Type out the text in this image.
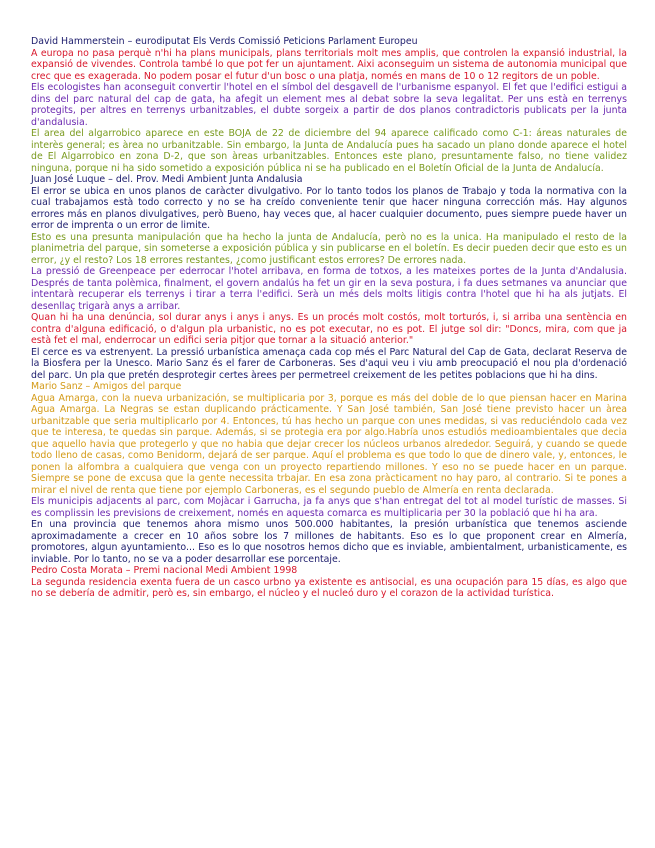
David Hammerstein – eurodiputat Els Verds Comissió Peticions Parlament Europeu

A europa no pasa perquè n'hi ha plans municipals, plans territorials molt mes amplis, que controlen la expansió industrial, la expansió de vivendes. Controla també lo que pot fer un ajuntament. Aixi aconseguim un sistema de autonomia municipal que crec que es exagerada. No podem posar el futur d'un bosc o una platja, només en mans de 10 o 12 regitors de un poble.

Els ecologistes han aconseguit convertir l'hotel en el símbol del desgavell de l'urbanisme espanyol. El fet que l'edifici estigui a dins del parc natural del cap de gata, ha afegit un element mes al debat sobre la seva legalitat. Per uns està en terrenys protegits, per altres en terrenys urbanitzables, el dubte sorgeix a partir de dos planos contradictoris publicats per la junta d'andalusia.

El area del algarrobico aparece en este BOJA de 22 de diciembre del 94 aparece calificado como C-1: áreas naturales de interès general; es àrea no urbanitzable. Sin embargo, la Junta de Andalucía pues ha sacado un plano donde aparece el hotel de El Algarrobico en zona D-2, que son àreas urbanitzables. Entonces este plano, presuntamente falso, no tiene validez ninguna, porque ni ha sido sometido a exposición pública ni se ha publicado en el Boletín Oficial de la Junta de Andalucía.

Juan José Luque – del. Prov. Medi Ambient Junta Andalusia

El error se ubica en unos planos de caràcter divulgativo. Por lo tanto todos los planos de Trabajo y toda la normativa con la cual trabajamos està todo correcto y no se ha creído conveniente tenir que hacer ninguna corrección más. Hay algunos errores más en planos divulgatives, però Bueno, hay veces que, al hacer cualquier documento, pues siempre puede haver un error de imprenta o un error de limite.

Esto es una presunta manipulación que ha hecho la junta de Andalucía, però no es la unica. Ha manipulado el resto de la planimetria del parque, sin someterse a exposición pública y sin publicarse en el boletín. Es decir pueden decir que esto es un error, ¿y el resto? Los 18 errores restantes, ¿como justificant estos errores? De errores nada.

La pressió de Greenpeace per ederrocar l'hotel arribava, en forma de totxos, a les mateixes portes de la Junta d'Andalusia. Després de tanta polèmica, finalment, el govern andalús ha fet un gir en la seva postura, i fa dues setmanes va anunciar que intentarà recuperar els terrenys i tirar a terra l'edifici. Serà un més dels molts litigis contra l'hotel que hi ha als jutjats. El desenllaç trigarà anys a arribar.

Quan hi ha una denúncia, sol durar anys i anys i anys. Es un procés molt costós, molt torturós, i, si arriba una sentència en contra d'alguna edificació, o d'algun pla urbanistic, no es pot executar, no es pot. El jutge sol dir: "Doncs, mira, com que ja està fet el mal, enderrocar un edifici seria pitjor que tornar a la situació anterior."

El cerce es va estrenyent. La pressió urbanística amenaça cada cop més el Parc Natural del Cap de Gata, declarat Reserva de la Biosfera per la Unesco. Mario Sanz és el farer de Carboneras. Ses d'aqui veu i viu amb preocupació el nou pla d'ordenació del parc. Un pla que pretén desprotegir certes àrees per permetreel creixement de les petites poblacions que hi ha dins.

Mario Sanz – Amigos del parque

Agua Amarga, con la nueva urbanización, se multiplicaria por 3, porque es más del doble de lo que piensan hacer en Marina Agua Amarga. La Negras se estan duplicando prácticamente. Y San José también, San José tiene previsto hacer un àrea urbanitzable que seria multiplicarlo por 4. Entonces, tú has hecho un parque con unes medidas, si vas reduciéndolo cada vez que te interesa, te quedas sin parque. Además, si se protegia era por algo.Habría unos estudiós medioambientales que decia que aquello havia que protegerlo y que no habia que dejar crecer los núcleos urbanos alrededor. Seguirá, y cuando se quede todo lleno de casas, como Benidorm, dejará de ser parque. Aquí el problema es que todo lo que de dinero vale, y, entonces, le ponen la alfombra a cualquiera que venga con un proyecto repartiendo millones. Y eso no se puede hacer en un parque. Siempre se pone de excusa que la gente necessita trbajar. En esa zona pràcticament no hay paro, al contrario. Si te pones a mirar el nivel de renta que tiene por ejemplo Carboneras, es el segundo pueblo de Almería en renta declarada.

Els municipis adjacents al parc, com Mojàcar i Garrucha, ja fa anys que s'han entregat del tot al model turístic de masses. Si es complissin les previsions de creixement, només en aquesta comarca es multiplicaria per 30 la població que hi ha ara.

En una provincia que tenemos ahora mismo unos 500.000 habitantes, la presión urbanística que tenemos asciende aproximadamente a crecer en 10 años sobre los 7 millones de habitants. Eso es lo que proponent crear en Almería, promotores, algun ayuntamiento... Eso es lo que nosotros hemos dicho que es inviable, ambientalment, urbanisticamente, es inviable. Por lo tanto, no se va a poder desarrollar ese porcentaje.

Pedro Costa Morata – Premi nacional Medi Ambient 1998

La segunda residencia exenta fuera de un casco urbno ya existente es antisocial, es una ocupación para 15 días, es algo que no se debería de admitir, però es, sin embargo, el núcleo y el nucleó duro y el corazon de la actividad turística.
